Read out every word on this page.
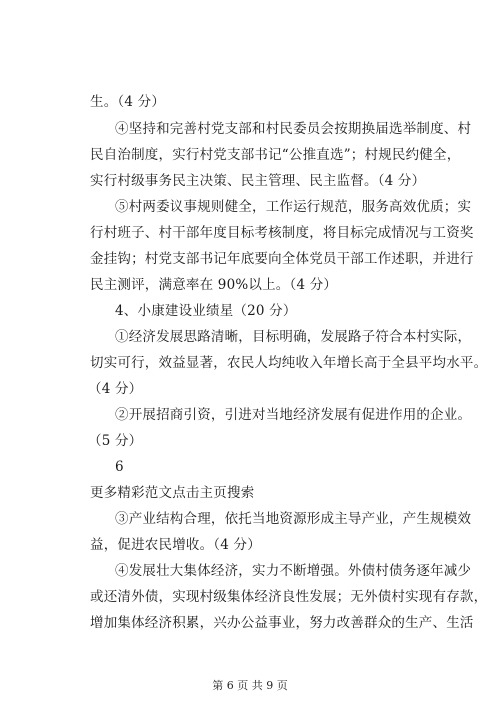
生。（4 分）
④坚持和完善村党支部和村民委员会按期换届选举制度、村
民自治制度，实行村党支部书记“公推直选”；村规民约健全，
实行村级事务民主决策、民主管理、民主监督。（4 分）
⑤村两委议事规则健全，工作运行规范，服务高效优质；实
行村班子、村干部年度目标考核制度，将目标完成情况与工资奖
金挂钩；村党支部书记年底要向全体党员干部工作述职，并进行
民主测评，满意率在 90%以上。（4 分）
4、小康建设业绩星（20 分）
①经济发展思路清晰，目标明确，发展路子符合本村实际，
切实可行，效益显著，农民人均纯收入年增长高于全县平均水平。
（4 分）
②开展招商引资，引进对当地经济发展有促进作用的企业。
（5 分）
6
更多精彩范文点击主页搜索
③产业结构合理，依托当地资源形成主导产业，产生规模效
益，促进农民增收。（4 分）
④发展壮大集体经济，实力不断增强。外债村债务逐年减少
或还清外债，实现村级集体经济良性发展；无外债村实现有存款，
增加集体经济积累，兴办公益事业，努力改善群众的生产、生活
第 6 页 共 9 页
